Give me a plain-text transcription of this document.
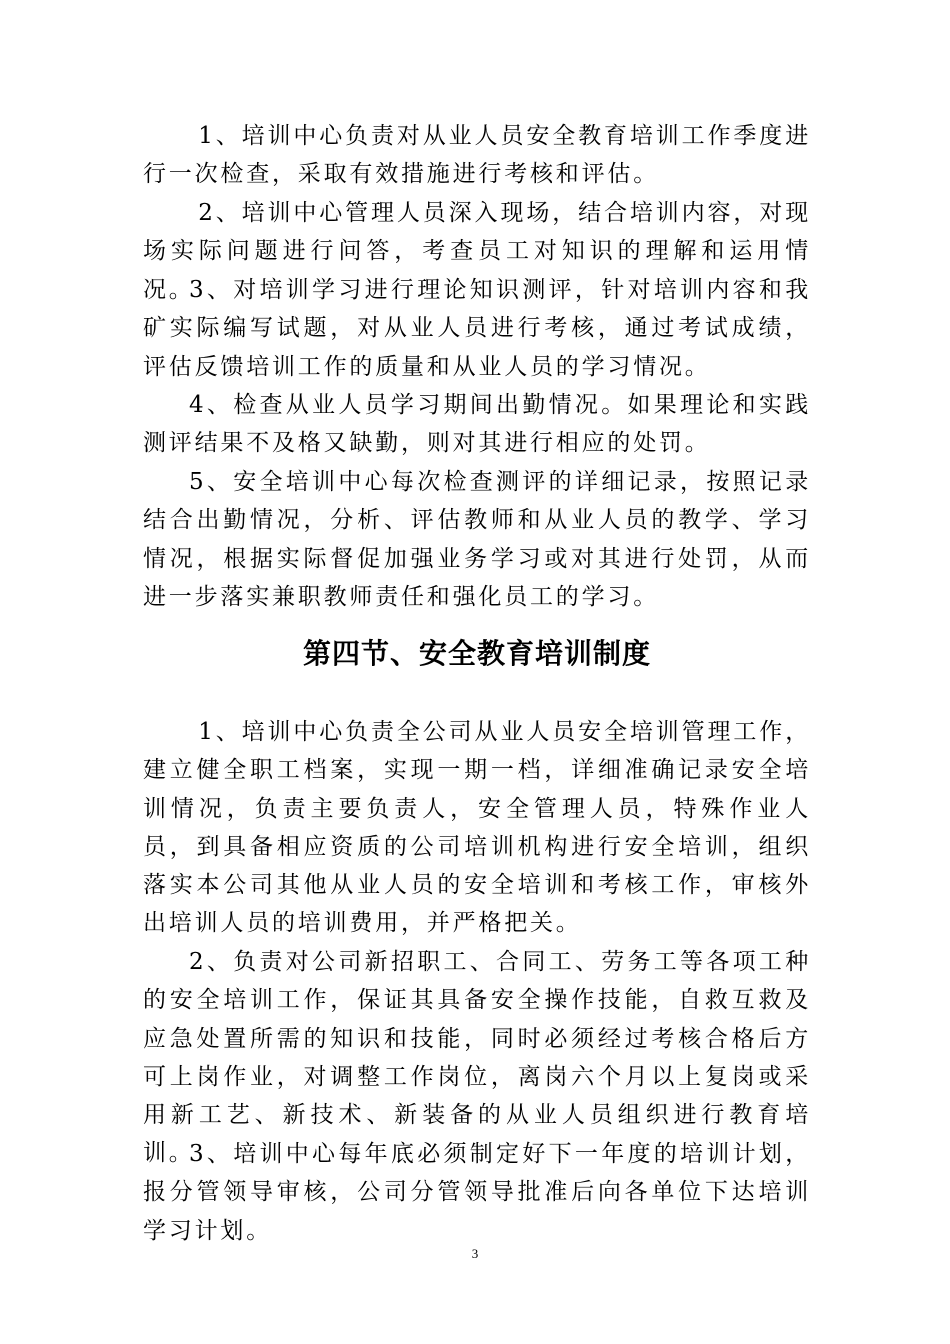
1、培训中心负责对从业人员安全教育培训工作季度进行一次检查，采取有效措施进行考核和评估。

2、培训中心管理人员深入现场，结合培训内容，对现场实际问题进行问答，考查员工对知识的理解和运用情况。

3、对培训学习进行理论知识测评，针对培训内容和我矿实际编写试题，对从业人员进行考核，通过考试成绩，评估反馈培训工作的质量和从业人员的学习情况。

4、检查从业人员学习期间出勤情况。如果理论和实践测评结果不及格又缺勤，则对其进行相应的处罚。

5、安全培训中心每次检查测评的详细记录，按照记录结合出勤情况，分析、评估教师和从业人员的教学、学习情况，根据实际督促加强业务学习或对其进行处罚，从而进一步落实兼职教师责任和强化员工的学习。

第四节、安全教育培训制度

1、培训中心负责全公司从业人员安全培训管理工作，建立健全职工档案，实现一期一档，详细准确记录安全培训情况，负责主要负责人，安全管理人员，特殊作业人员，到具备相应资质的公司培训机构进行安全培训，组织落实本公司其他从业人员的安全培训和考核工作，审核外出培训人员的培训费用，并严格把关。

2、负责对公司新招职工、合同工、劳务工等各项工种的安全培训工作，保证其具备安全操作技能，自救互救及应急处置所需的知识和技能，同时必须经过考核合格后方可上岗作业，对调整工作岗位，离岗六个月以上复岗或采用新工艺、新技术、新装备的从业人员组织进行教育培训。

3、培训中心每年底必须制定好下一年度的培训计划，报分管领导审核，公司分管领导批准后向各单位下达培训学习计划。

3
